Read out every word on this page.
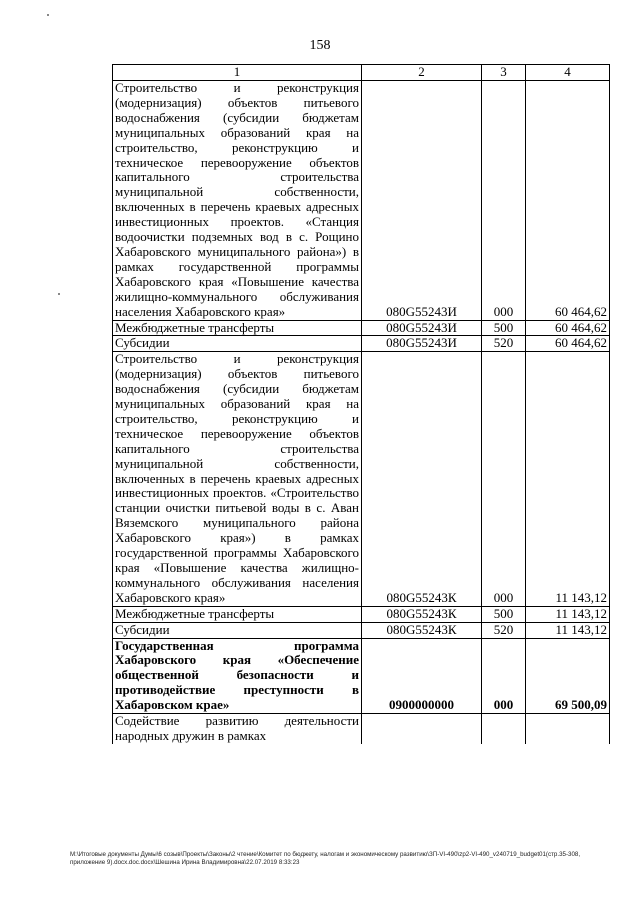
158
1	2	3	4
Строительство и реконструкция (модернизация) объектов питьевого водоснабжения (субсидии бюджетам муниципальных образований края на строительство, реконструкцию и техническое перевооружение объектов капитального строительства муниципальной собственности, включенных в перечень краевых адресных инвестиционных проектов. «Станция водоочистки подземных вод в с. Рощино Хабаровского муниципального района») в рамках государственной программы Хабаровского края «Повышение качества жилищно-коммунального обслуживания населения Хабаровского края»	080G55243И	000	60 464,62
Межбюджетные трансферты	080G55243И	500	60 464,62
Субсидии	080G55243И	520	60 464,62
Строительство и реконструкция (модернизация) объектов питьевого водоснабжения (субсидии бюджетам муниципальных образований края на строительство, реконструкцию и техническое перевооружение объектов капитального строительства муниципальной собственности, включенных в перечень краевых адресных инвестиционных проектов. «Строительство станции очистки питьевой воды в с. Аван Вяземского муниципального района Хабаровского края») в рамках государственной программы Хабаровского края «Повышение качества жилищно-коммунального обслуживания населения Хабаровского края»	080G55243К	000	11 143,12
Межбюджетные трансферты	080G55243К	500	11 143,12
Субсидии	080G55243К	520	11 143,12
Государственная программа Хабаровского края «Обеспечение общественной безопасности и противодействие преступности в Хабаровском крае»	0900000000	000	69 500,09
Содействие развитию деятельности народных дружин в рамках			
M:\Итоговые документы Думы\6 созыв\Проекты\Законы\2 чтение\Комитет по бюджету, налогам и экономическому развитию\ЗП-VI-490\zp2-VI-490_v240719_budget01(стр.35-308, приложение 9).docx.doc.docx\Шешина Ирина Владимировна\22.07.2019 8:33:23
